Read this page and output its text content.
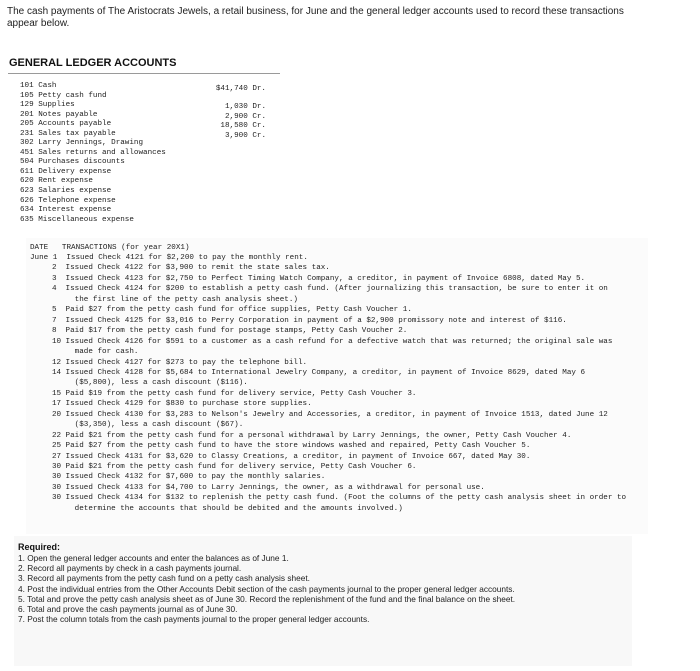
The cash payments of The Aristocrats Jewels, a retail business, for June and the general ledger accounts used to record these transactions appear below.
GENERAL LEDGER ACCOUNTS
101 Cash
105 Petty cash fund
129 Supplies
201 Notes payable
205 Accounts payable
231 Sales tax payable
302 Larry Jennings, Drawing
451 Sales returns and allowances
504 Purchases discounts
611 Delivery expense
620 Rent expense
623 Salaries expense
626 Telephone expense
634 Interest expense
635 Miscellaneous expense
DATE   TRANSACTIONS (for year 20X1)
June 1 Issued Check 4121 for $2,200 to pay the monthly rent.
2 Issued Check 4122 for $3,900 to remit the state sales tax.
3 Issued Check 4123 for $2,750 to Perfect Timing Watch Company, a creditor, in payment of Invoice 6808, dated May 5.
4 Issued Check 4124 for $200 to establish a petty cash fund. (After journalizing this transaction, be sure to enter it on
the first line of the petty cash analysis sheet.)
5 Paid $27 from the petty cash fund for office supplies, Petty Cash Voucher 1.
7 Issued Check 4125 for $3,016 to Perry Corporation in payment of a $2,900 promissory note and interest of $116.
8 Paid $17 from the petty cash fund for postage stamps, Petty Cash Voucher 2.
10 Issued Check 4126 for $591 to a customer as a cash refund for a defective watch that was returned; the original sale was
made for cash.
12 Issued Check 4127 for $273 to pay the telephone bill.
14 Issued Check 4128 for $5,684 to International Jewelry Company, a creditor, in payment of Invoice 8629, dated May 6
($5,800), less a cash discount ($116).
15 Paid $19 from the petty cash fund for delivery service, Petty Cash Voucher 3.
17 Issued Check 4129 for $830 to purchase store supplies.
20 Issued Check 4130 for $3,283 to Nelson's Jewelry and Accessories, a creditor, in payment of Invoice 1513, dated June 12
($3,350), less a cash discount ($67).
22 Paid $21 from the petty cash fund for a personal withdrawal by Larry Jennings, the owner, Petty Cash Voucher 4.
25 Paid $27 from the petty cash fund to have the store windows washed and repaired, Petty Cash Voucher 5.
27 Issued Check 4131 for $3,620 to Classy Creations, a creditor, in payment of Invoice 667, dated May 30.
30 Paid $21 from the petty cash fund for delivery service, Petty Cash Voucher 6.
30 Issued Check 4132 for $7,600 to pay the monthly salaries.
30 Issued Check 4133 for $4,700 to Larry Jennings, the owner, as a withdrawal for personal use.
30 Issued Check 4134 for $132 to replenish the petty cash fund. (Foot the columns of the petty cash analysis sheet in order to
determine the accounts that should be debited and the amounts involved.)
Required:
1. Open the general ledger accounts and enter the balances as of June 1.
2. Record all payments by check in a cash payments journal.
3. Record all payments from the petty cash fund on a petty cash analysis sheet.
4. Post the individual entries from the Other Accounts Debit section of the cash payments journal to the proper general ledger accounts.
5. Total and prove the petty cash analysis sheet as of June 30. Record the replenishment of the fund and the final balance on the sheet.
6. Total and prove the cash payments journal as of June 30.
7. Post the column totals from the cash payments journal to the proper general ledger accounts.
$41,740 Dr.
1,030 Dr.
2,900 Cr.
18,580 Cr.
3,900 Cr.
